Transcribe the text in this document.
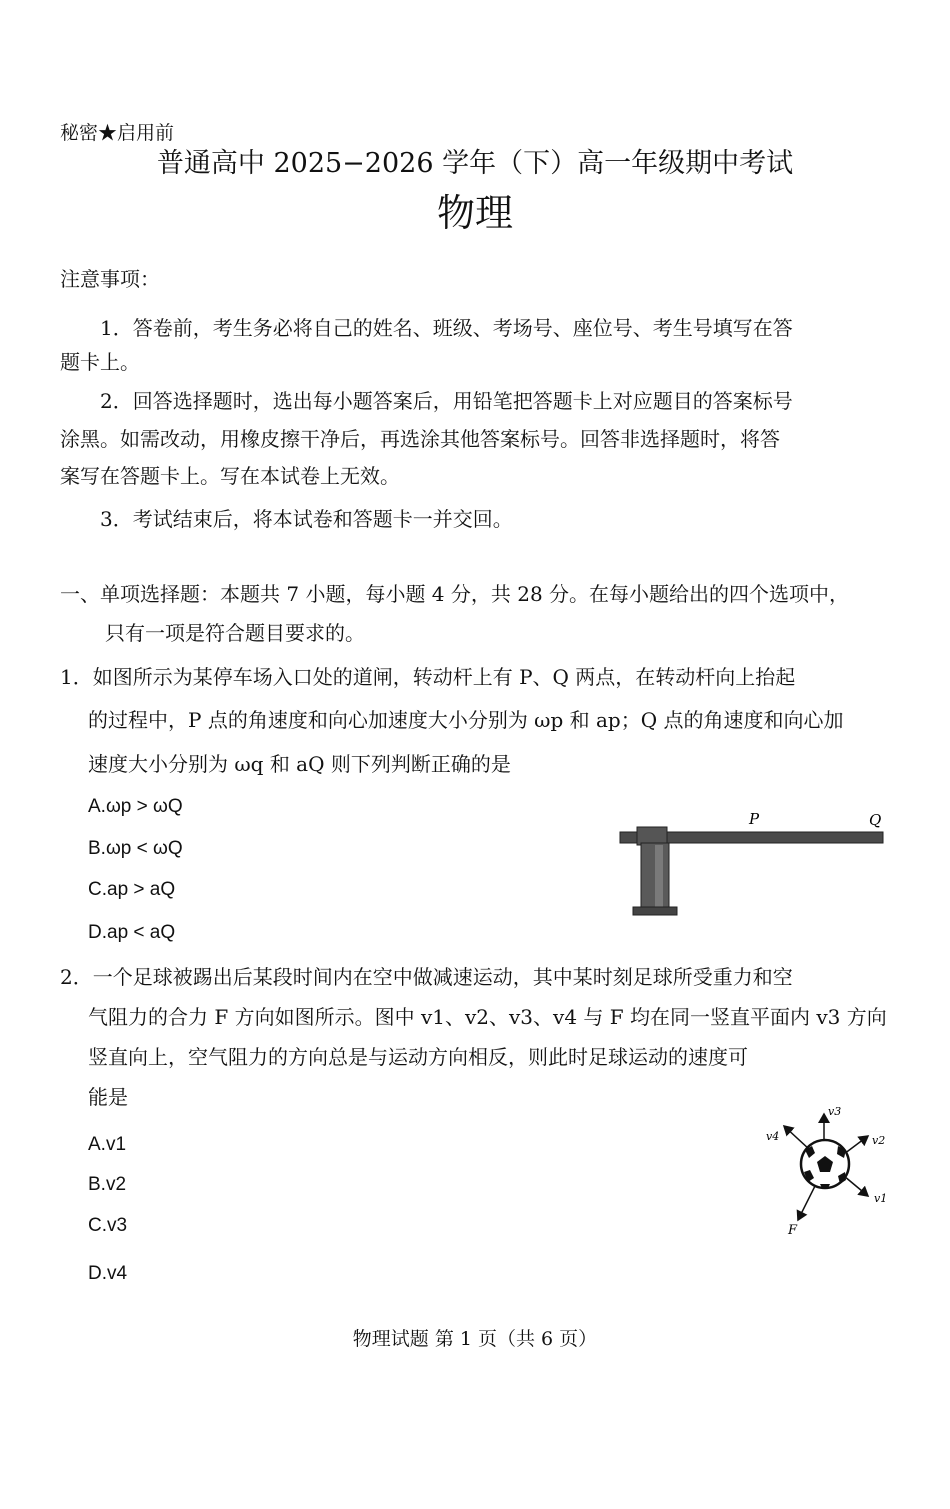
秘密★启用前
普通高中 2025−2026 学年（下）高一年级期中考试
物理
注意事项：
1．答卷前，考生务必将自己的姓名、班级、考场号、座位号、考生号填写在答
题卡上。
2．回答选择题时，选出每小题答案后，用铅笔把答题卡上对应题目的答案标号
涂黑。如需改动，用橡皮擦干净后，再选涂其他答案标号。回答非选择题时，将答
案写在答题卡上。写在本试卷上无效。
3．考试结束后，将本试卷和答题卡一并交回。
一、单项选择题：本题共 7 小题，每小题 4 分，共 28 分。在每小题给出的四个选项中，
只有一项是符合题目要求的。
1．如图所示为某停车场入口处的道闸，转动杆上有 P、Q 两点，在转动杆向上抬起
的过程中，P 点的角速度和向心加速度大小分别为 ωp 和 ap；Q 点的角速度和向心加
速度大小分别为 ωq 和 aQ 则下列判断正确的是
A.ωp > ωQ
B.ωp < ωQ
C.ap > aQ
D.ap < aQ
P	Q
2．一个足球被踢出后某段时间内在空中做减速运动，其中某时刻足球所受重力和空
气阻力的合力 F 方向如图所示。图中 v1、v2、v3、v4 与 F 均在同一竖直平面内 v3 方向
竖直向上，空气阻力的方向总是与运动方向相反，则此时足球运动的速度可
能是
A.v1
B.v2
C.v3
D.v4
v3
v4	v2
v1
F
物理试题 第 1 页（共 6 页）
